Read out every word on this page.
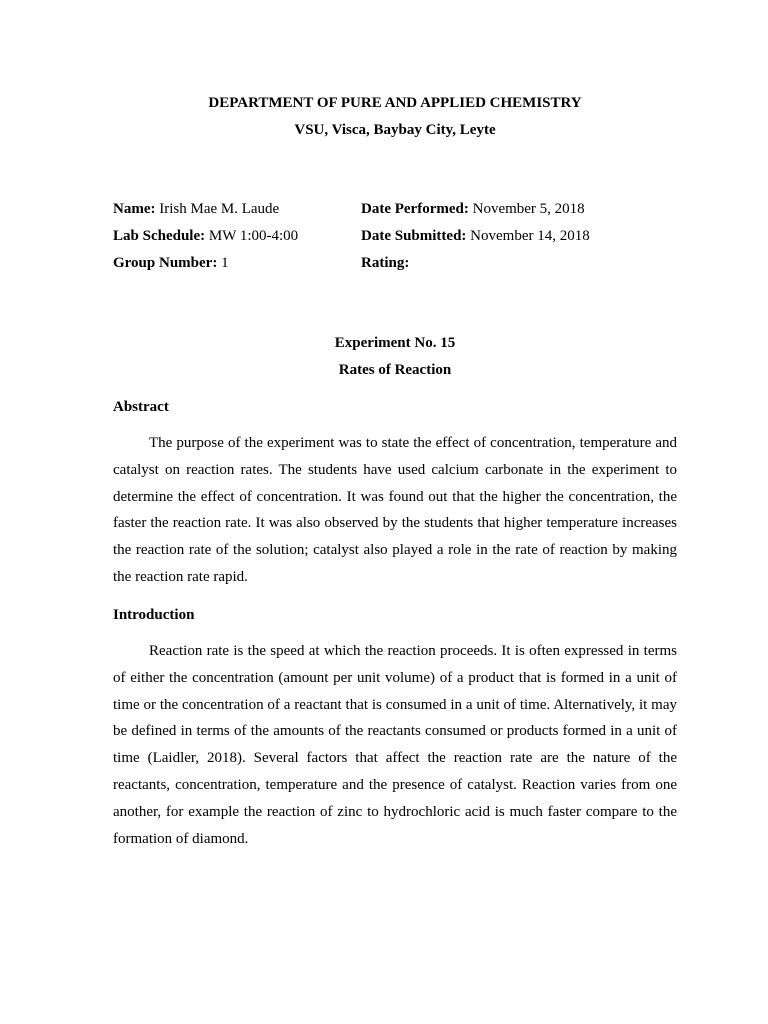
DEPARTMENT OF PURE AND APPLIED CHEMISTRY
VSU, Visca, Baybay City, Leyte
Name: Irish Mae M. Laude
Lab Schedule: MW 1:00-4:00
Group Number: 1
Date Performed: November 5, 2018
Date Submitted: November 14, 2018
Rating:
Experiment No. 15
Rates of Reaction
Abstract

The purpose of the experiment was to state the effect of concentration, temperature and catalyst on reaction rates. The students have used calcium carbonate in the experiment to determine the effect of concentration. It was found out that the higher the concentration, the faster the reaction rate. It was also observed by the students that higher temperature increases the reaction rate of the solution; catalyst also played a role in the rate of reaction by making the reaction rate rapid.

Introduction

Reaction rate is the speed at which the reaction proceeds. It is often expressed in terms of either the concentration (amount per unit volume) of a product that is formed in a unit of time or the concentration of a reactant that is consumed in a unit of time. Alternatively, it may be defined in terms of the amounts of the reactants consumed or products formed in a unit of time (Laidler, 2018). Several factors that affect the reaction rate are the nature of the reactants, concentration, temperature and the presence of catalyst. Reaction varies from one another, for example the reaction of zinc to hydrochloric acid is much faster compare to the formation of diamond.
